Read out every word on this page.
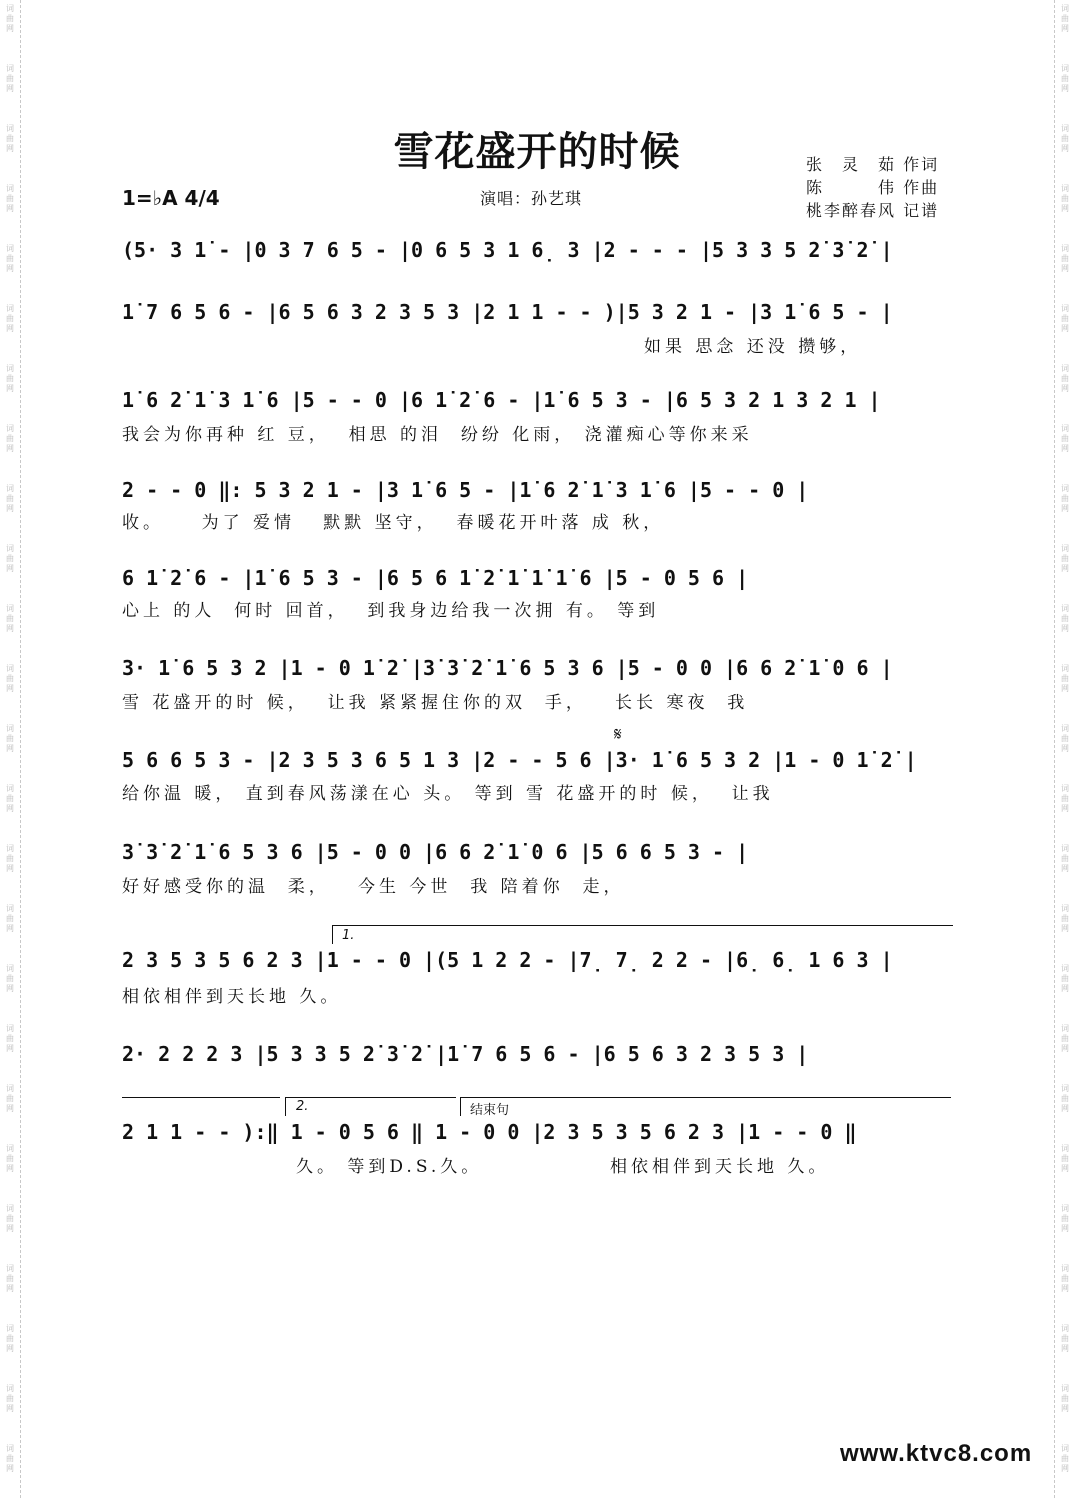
词
曲
网
词
曲
网
词
曲
网
词
曲
网
词
曲
网
词
曲
网
词
曲
网
词
曲
网
词
曲
网
词
曲
网
词
曲
网
词
曲
网
词
曲
网
词
曲
网
词
曲
网
词
曲
网
词
曲
网
词
曲
网
词
曲
网
词
曲
网
词
曲
网
词
曲
网
词
曲
网
词
曲
网
词
曲
网
词
曲
网
词
曲
网
词
曲
网
词
曲
网
词
曲
网
词
曲
网
词
曲
网
词
曲
网
词
曲
网
词
曲
网
词
曲
网
词
曲
网
词
曲
网
词
曲
网
词
曲
网
词
曲
网
词
曲
网
词
曲
网
词
曲
网
词
曲
网
词
曲
网
词
曲
网
词
曲
网
词
曲
网
词
曲
网
雪花盛开的时候	张　灵　茹 作词
陈　　　伟 作曲
桃李醉春风 记谱
1=♭A 4/4	演唱：孙艺琪
(5· 3 1̇ - |0 3 7 6 5 - |0 6 5 3 1 6̣ 3 |2 - - - |5 3 3 5 2̇ 3̇ 2̇ |
1̇ 7 6 5 6 - |6 5 6 3 2 3 5 3 |2 1 1 - - )|5 3 2 1 - |3 1̇ 6 5 - |
如果 思念 还没 攒够，
1̇ 6 2̇ 1̇ 3 1̇ 6 |5 - - 0 |6 1̇ 2̇ 6 - |1̇ 6 5 3 - |6 5 3 2 1 3 2 1 |
我会为你再种 红 豆，  相思 的泪  纷纷 化雨， 浇灌痴心等你来采
2 - - 0 ‖: 5 3 2 1 - |3 1̇ 6 5 - |1̇ 6 2̇ 1̇ 3 1̇ 6 |5 - - 0 |
收。    为了 爱情   默默 坚守，  春暖花开叶落 成 秋，
6 1̇ 2̇ 6 - |1̇ 6 5 3 - |6 5 6 1̇ 2̇ 1̇ 1̇ 1̇ 6 |5 - 0 5 6 |
心上 的人  何时 回首，  到我身边给我一次拥 有。 等到
3· 1̇ 6 5 3 2 |1 - 0 1̇ 2̇ |3̇ 3̇ 2̇ 1̇ 6 5 3 6 |5 - 0 0 |6 6 2̇ 1̇ 0 6 |
雪 花盛开的时 候，  让我 紧紧握住你的双  手，   长长 寒夜  我
𝄋
5 6 6 5 3 - |2 3 5 3 6 5 1 3 |2 - - 5 6 |3· 1̇ 6 5 3 2 |1 - 0 1̇ 2̇ |
给你温 暖， 直到春风荡漾在心 头。 等到 雪 花盛开的时 候，  让我
3̇ 3̇ 2̇ 1̇ 6 5 3 6 |5 - 0 0 |6 6 2̇ 1̇ 0 6 |5 6 6 5 3 - |
好好感受你的温  柔，   今生 今世  我 陪着你  走，
1.
2 3 5 3 5 6 2 3 |1 - - 0 |(5 1 2 2 - |7̣ 7̣ 2 2 - |6̣ 6̣ 1 6 3 |
相依相伴到天长地 久。
2· 2 2 2 3 |5 3 3 5 2̇ 3̇ 2̇ |1̇ 7 6 5 6 - |6 5 6 3 2 3 5 3 |
2.	结束句
2 1 1 - - ):‖ 1 - 0 5 6 ‖ 1 - 0 0 |2 3 5 3 5 6 2 3 |1 - - 0 ‖
久。 等到D.S.久。	相依相伴到天长地 久。
www.ktvc8.com
